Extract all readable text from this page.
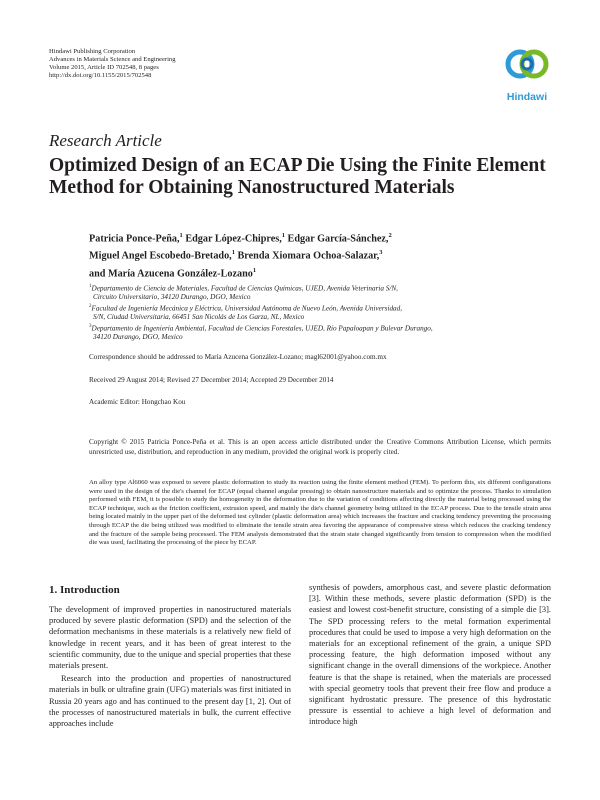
Hindawi Publishing Corporation
Advances in Materials Science and Engineering
Volume 2015, Article ID 702548, 8 pages
http://dx.doi.org/10.1155/2015/702548
Hindawi
Research Article
Optimized Design of an ECAP Die Using the Finite Element
Method for Obtaining Nanostructured Materials
Patricia Ponce-Peña,$^1$ Edgar López-Chipres,$^1$ Edgar García-Sánchez,$^2$
Miguel Angel Escobedo-Bretado,$^1$ Brenda Xiomara Ochoa-Salazar,$^3$
and María Azucena González-Lozano$^1$
$^1$Departamento de Ciencia de Materiales, Facultad de Ciencias Químicas, UJED, Avenida Veterinaria S/N,
Circuito Universitario, 34120 Durango, DGO, Mexico
$^2$Facultad de Ingeniería Mecánica y Eléctrica, Universidad Autónoma de Nuevo León, Avenida Universidad,
S/N, Ciudad Universitaria, 66451 San Nicolás de Los Garza, NL, Mexico
$^3$Departamento de Ingeniería Ambiental, Facultad de Ciencias Forestales, UJED, Río Papaloapan y Bulevar Durango,
34120 Durango, DGO, Mexico
Correspondence should be addressed to María Azucena González-Lozano; magl62001@yahoo.com.mx
Received 29 August 2014; Revised 27 December 2014; Accepted 29 December 2014
Academic Editor: Hongchao Kou
Copyright © 2015 Patricia Ponce-Peña et al. This is an open access article distributed under the Creative Commons Attribution License, which permits unrestricted use, distribution, and reproduction in any medium, provided the original work is properly cited.
An alloy type Al6060 was exposed to severe plastic deformation to study its reaction using the finite element method (FEM). To perform this, six different configurations were used in the design of the die's channel for ECAP (equal channel angular pressing) to obtain nanostructure materials and to optimize the process. Thanks to simulation performed with FEM, it is possible to study the homogeneity in the deformation due to the variation of conditions affecting directly the material being processed using the ECAP technique, such as the friction coefficient, extrusion speed, and mainly the die's channel geometry being utilized in the ECAP process. Due to the tensile strain area being located mainly in the upper part of the deformed test cylinder (plastic deformation area) which increases the fracture and cracking tendency preventing the processing through ECAP the die being utilized was modified to eliminate the tensile strain area favoring the appearance of compressive stress which reduces the cracking tendency and the fracture of the sample being processed. The FEM analysis demonstrated that the strain state changed significantly from tension to compression when the modified die was used, facilitating the processing of the piece by ECAP.
1. Introduction

The development of improved properties in nanostructured materials produced by severe plastic deformation (SPD) and the selection of the deformation mechanisms in these materials is a relatively new field of knowledge in recent years, and it has been of great interest to the scientific community, due to the unique and special properties that these materials present.

Research into the production and properties of nanostructured materials in bulk or ultrafine grain (UFG) materials was first initiated in Russia 20 years ago and has continued to the present day [1, 2]. Out of the processes of nanostructured materials in bulk, the current effective approaches include

synthesis of powders, amorphous cast, and severe plastic deformation [3]. Within these methods, severe plastic deformation (SPD) is the easiest and lowest cost-benefit structure, consisting of a simple die [3]. The SPD processing refers to the metal formation experimental procedures that could be used to impose a very high deformation on the materials for an exceptional refinement of the grain, a unique SPD processing feature, the high deformation imposed without any significant change in the overall dimensions of the workpiece. Another feature is that the shape is retained, when the materials are processed with special geometry tools that prevent their free flow and produce a significant hydrostatic pressure. The presence of this hydrostatic pressure is essential to achieve a high level of deformation and introduce high
